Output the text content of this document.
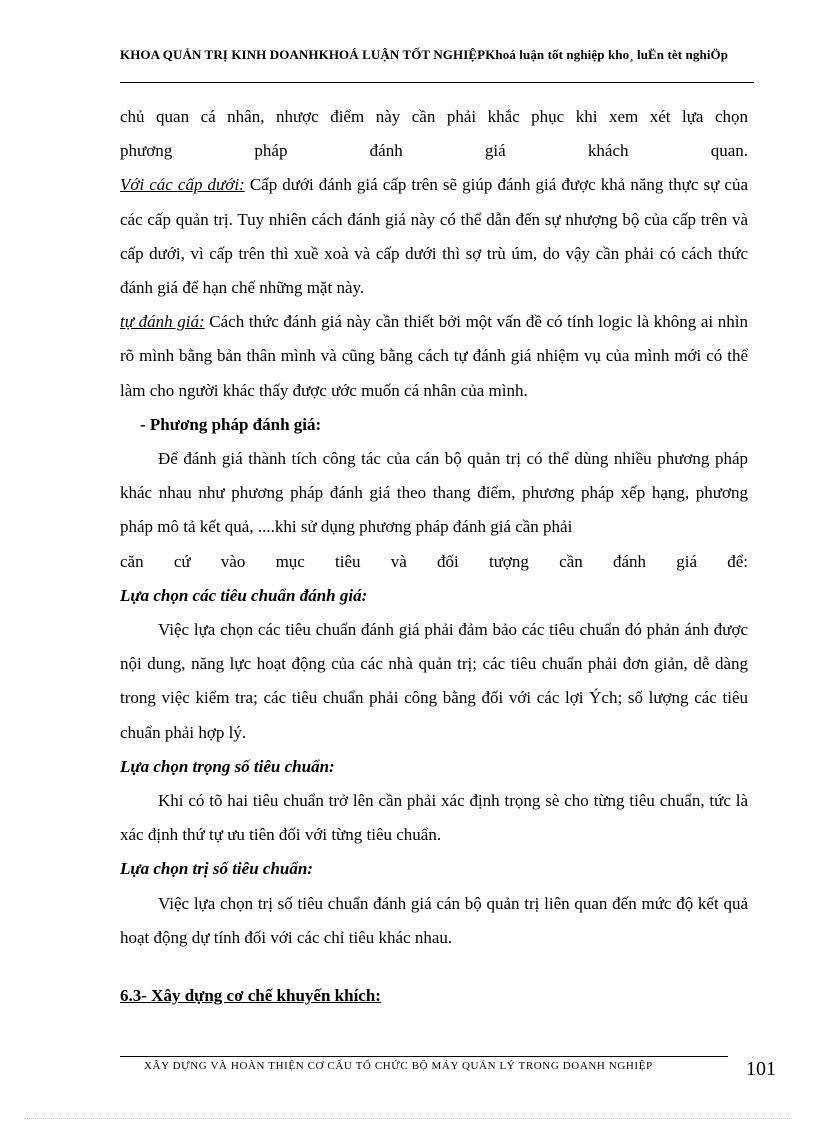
KHOA QUẢN TRỊ KINH DOANHKHOÁ LUẬN TỐT NGHIỆPKhoá luận tốt nghiệp kho¸ luËn tèt nghiÖp

chủ quan cá nhân, nhược điểm này cần phải khắc phục khi xem xét lựa chọn

phương pháp đánh giá khách quan.

Với các cấp dưới: Cấp dưới đánh giá cấp trên sẽ giúp đánh giá được khả năng thực sự của các cấp quản trị. Tuy nhiên cách đánh giá này có thể dẫn đến sự nhượng bộ của cấp trên và cấp dưới, vì cấp trên thì xuề xoà và cấp dưới thì sợ trù úm, do vậy cần phải có cách thức đánh giá để hạn chế những mặt này.

tự đánh giá: Cách thức đánh giá này cần thiết bởi một vấn đề có tính logic là không ai nhìn rõ mình bằng bản thân mình và cũng bằng cách tự đánh giá nhiệm vụ của mình mới có thể làm cho người khác thấy được ước muốn cá nhân của mình.

- Phương pháp đánh giá:

Để đánh giá thành tích công tác của cán bộ quản trị có thể dùng nhiều phương pháp khác nhau như phương pháp đánh giá theo thang điểm, phương pháp xếp hạng, phương pháp mô tả kết quả, ....khi sử dụng phương pháp đánh giá cần phải

căn cứ vào mục tiêu và đối tượng cần đánh giá để:

Lựa chọn các tiêu chuẩn đánh giá:

Việc lựa chọn các tiêu chuẩn đánh giá phải đảm bảo các tiêu chuẩn đó phản ánh được nội dung, năng lực hoạt động của các nhà quản trị; các tiêu chuẩn phải đơn giản, dễ dàng trong việc kiểm tra; các tiêu chuẩn phải công bằng đối với các lợi Ých; số lượng các tiêu chuẩn phải hợp lý.

Lựa chọn trọng số tiêu chuẩn:

Khi có tõ hai tiêu chuẩn trở lên cần phải xác định trọng sè cho từng tiêu chuẩn, tức là xác định thứ tự ưu tiên đối với từng tiêu chuẩn.

Lựa chọn trị số tiêu chuẩn:

Việc lựa chọn trị số tiêu chuẩn đánh giá cán bộ quản trị liên quan đến mức độ kết quả hoạt động dự tính đối với các chỉ tiêu khác nhau.

6.3- Xây dựng cơ chế khuyến khích:
XÂY DỰNG VÀ HOÀN THIỆN CƠ CẤU TỔ CHỨC BỘ MÁY QUẢN LÝ TRONG DOANH NGHIỆP	101
